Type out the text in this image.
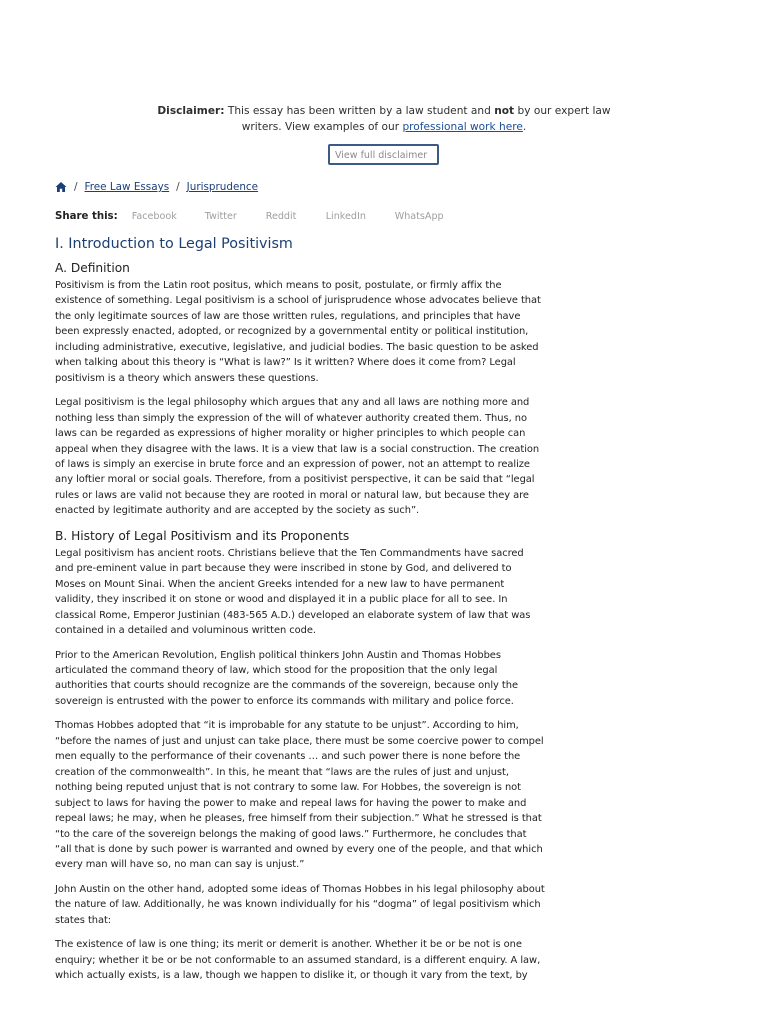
Disclaimer: This essay has been written by a law student and not by our expert law
writers. View examples of our professional work here.
View full disclaimer
/ Free Law Essays / Jurisprudence
Share this: Facebook	Twitter	Reddit	LinkedIn	WhatsApp
I. Introduction to Legal Positivism
A. Definition

Positivism is from the Latin root positus, which means to posit, postulate, or firmly affix the existence of something. Legal positivism is a school of jurisprudence whose advocates believe that the only legitimate sources of law are those written rules, regulations, and principles that have been expressly enacted, adopted, or recognized by a governmental entity or political institution, including administrative, executive, legislative, and judicial bodies. The basic question to be asked when talking about this theory is “What is law?” Is it written? Where does it come from? Legal positivism is a theory which answers these questions.

Legal positivism is the legal philosophy which argues that any and all laws are nothing more and nothing less than simply the expression of the will of whatever authority created them. Thus, no laws can be regarded as expressions of higher morality or higher principles to which people can appeal when they disagree with the laws. It is a view that law is a social construction. The creation of laws is simply an exercise in brute force and an expression of power, not an attempt to realize any loftier moral or social goals. Therefore, from a positivist perspective, it can be said that “legal rules or laws are valid not because they are rooted in moral or natural law, but because they are enacted by legitimate authority and are accepted by the society as such”.

B. History of Legal Positivism and its Proponents

Legal positivism has ancient roots. Christians believe that the Ten Commandments have sacred and pre-eminent value in part because they were inscribed in stone by God, and delivered to Moses on Mount Sinai. When the ancient Greeks intended for a new law to have permanent validity, they inscribed it on stone or wood and displayed it in a public place for all to see. In classical Rome, Emperor Justinian (483-565 A.D.) developed an elaborate system of law that was contained in a detailed and voluminous written code.

Prior to the American Revolution, English political thinkers John Austin and Thomas Hobbes articulated the command theory of law, which stood for the proposition that the only legal authorities that courts should recognize are the commands of the sovereign, because only the sovereign is entrusted with the power to enforce its commands with military and police force.

Thomas Hobbes adopted that “it is improbable for any statute to be unjust”. According to him, “before the names of just and unjust can take place, there must be some coercive power to compel men equally to the performance of their covenants … and such power there is none before the creation of the commonwealth”. In this, he meant that “laws are the rules of just and unjust, nothing being reputed unjust that is not contrary to some law. For Hobbes, the sovereign is not subject to laws for having the power to make and repeal laws for having the power to make and repeal laws; he may, when he pleases, free himself from their subjection.” What he stressed is that “to the care of the sovereign belongs the making of good laws.” Furthermore, he concludes that “all that is done by such power is warranted and owned by every one of the people, and that which every man will have so, no man can say is unjust.”

John Austin on the other hand, adopted some ideas of Thomas Hobbes in his legal philosophy about the nature of law. Additionally, he was known individually for his “dogma” of legal positivism which states that:

The existence of law is one thing; its merit or demerit is another. Whether it be or be not is one enquiry; whether it be or be not conformable to an assumed standard, is a different enquiry. A law, which actually exists, is a law, though we happen to dislike it, or though it vary from the text, by
